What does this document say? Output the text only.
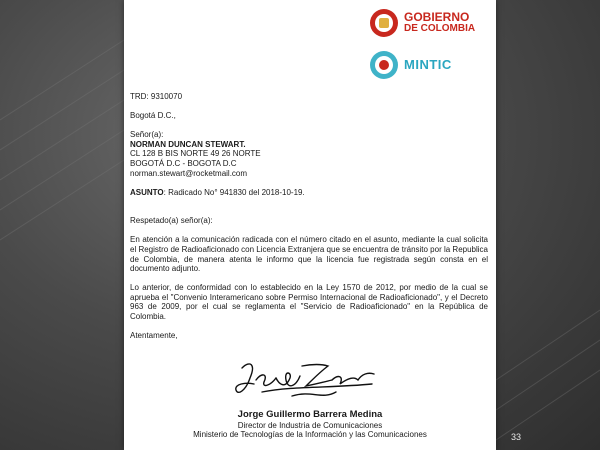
GOBIERNO
DE COLOMBIA
MINTIC

TRD: 9310070

Bogotá D.C.,

Señor(a):

NORMAN DUNCAN STEWART.

CL 128 B BIS NORTE 49 26 NORTE

BOGOTÁ D.C - BOGOTA D.C

norman.stewart@rocketmail.com

ASUNTO: Radicado No° 941830 del 2018-10-19.

Respetado(a) señor(a):

En atención a la comunicación radicada con el número citado en el asunto, mediante la cual solicita el Registro de Radioaficionado con Licencia Extranjera que se encuentra de tránsito por la Republica de Colombia, de manera atenta le informo que la licencia fue registrada según consta en el documento adjunto.

Lo anterior, de conformidad con lo establecido en la Ley 1570 de 2012, por medio de la cual se aprueba el "Convenio Interamericano sobre Permiso Internacional de Radioaficionado", y el Decreto 963 de 2009, por el cual se reglamenta el "Servicio de Radioaficionado" en la República de Colombia.

Atentamente,

Jorge Guillermo Barrera Medina
Director de Industria de Comunicaciones
Ministerio de Tecnologías de la Información y las Comunicaciones	33
